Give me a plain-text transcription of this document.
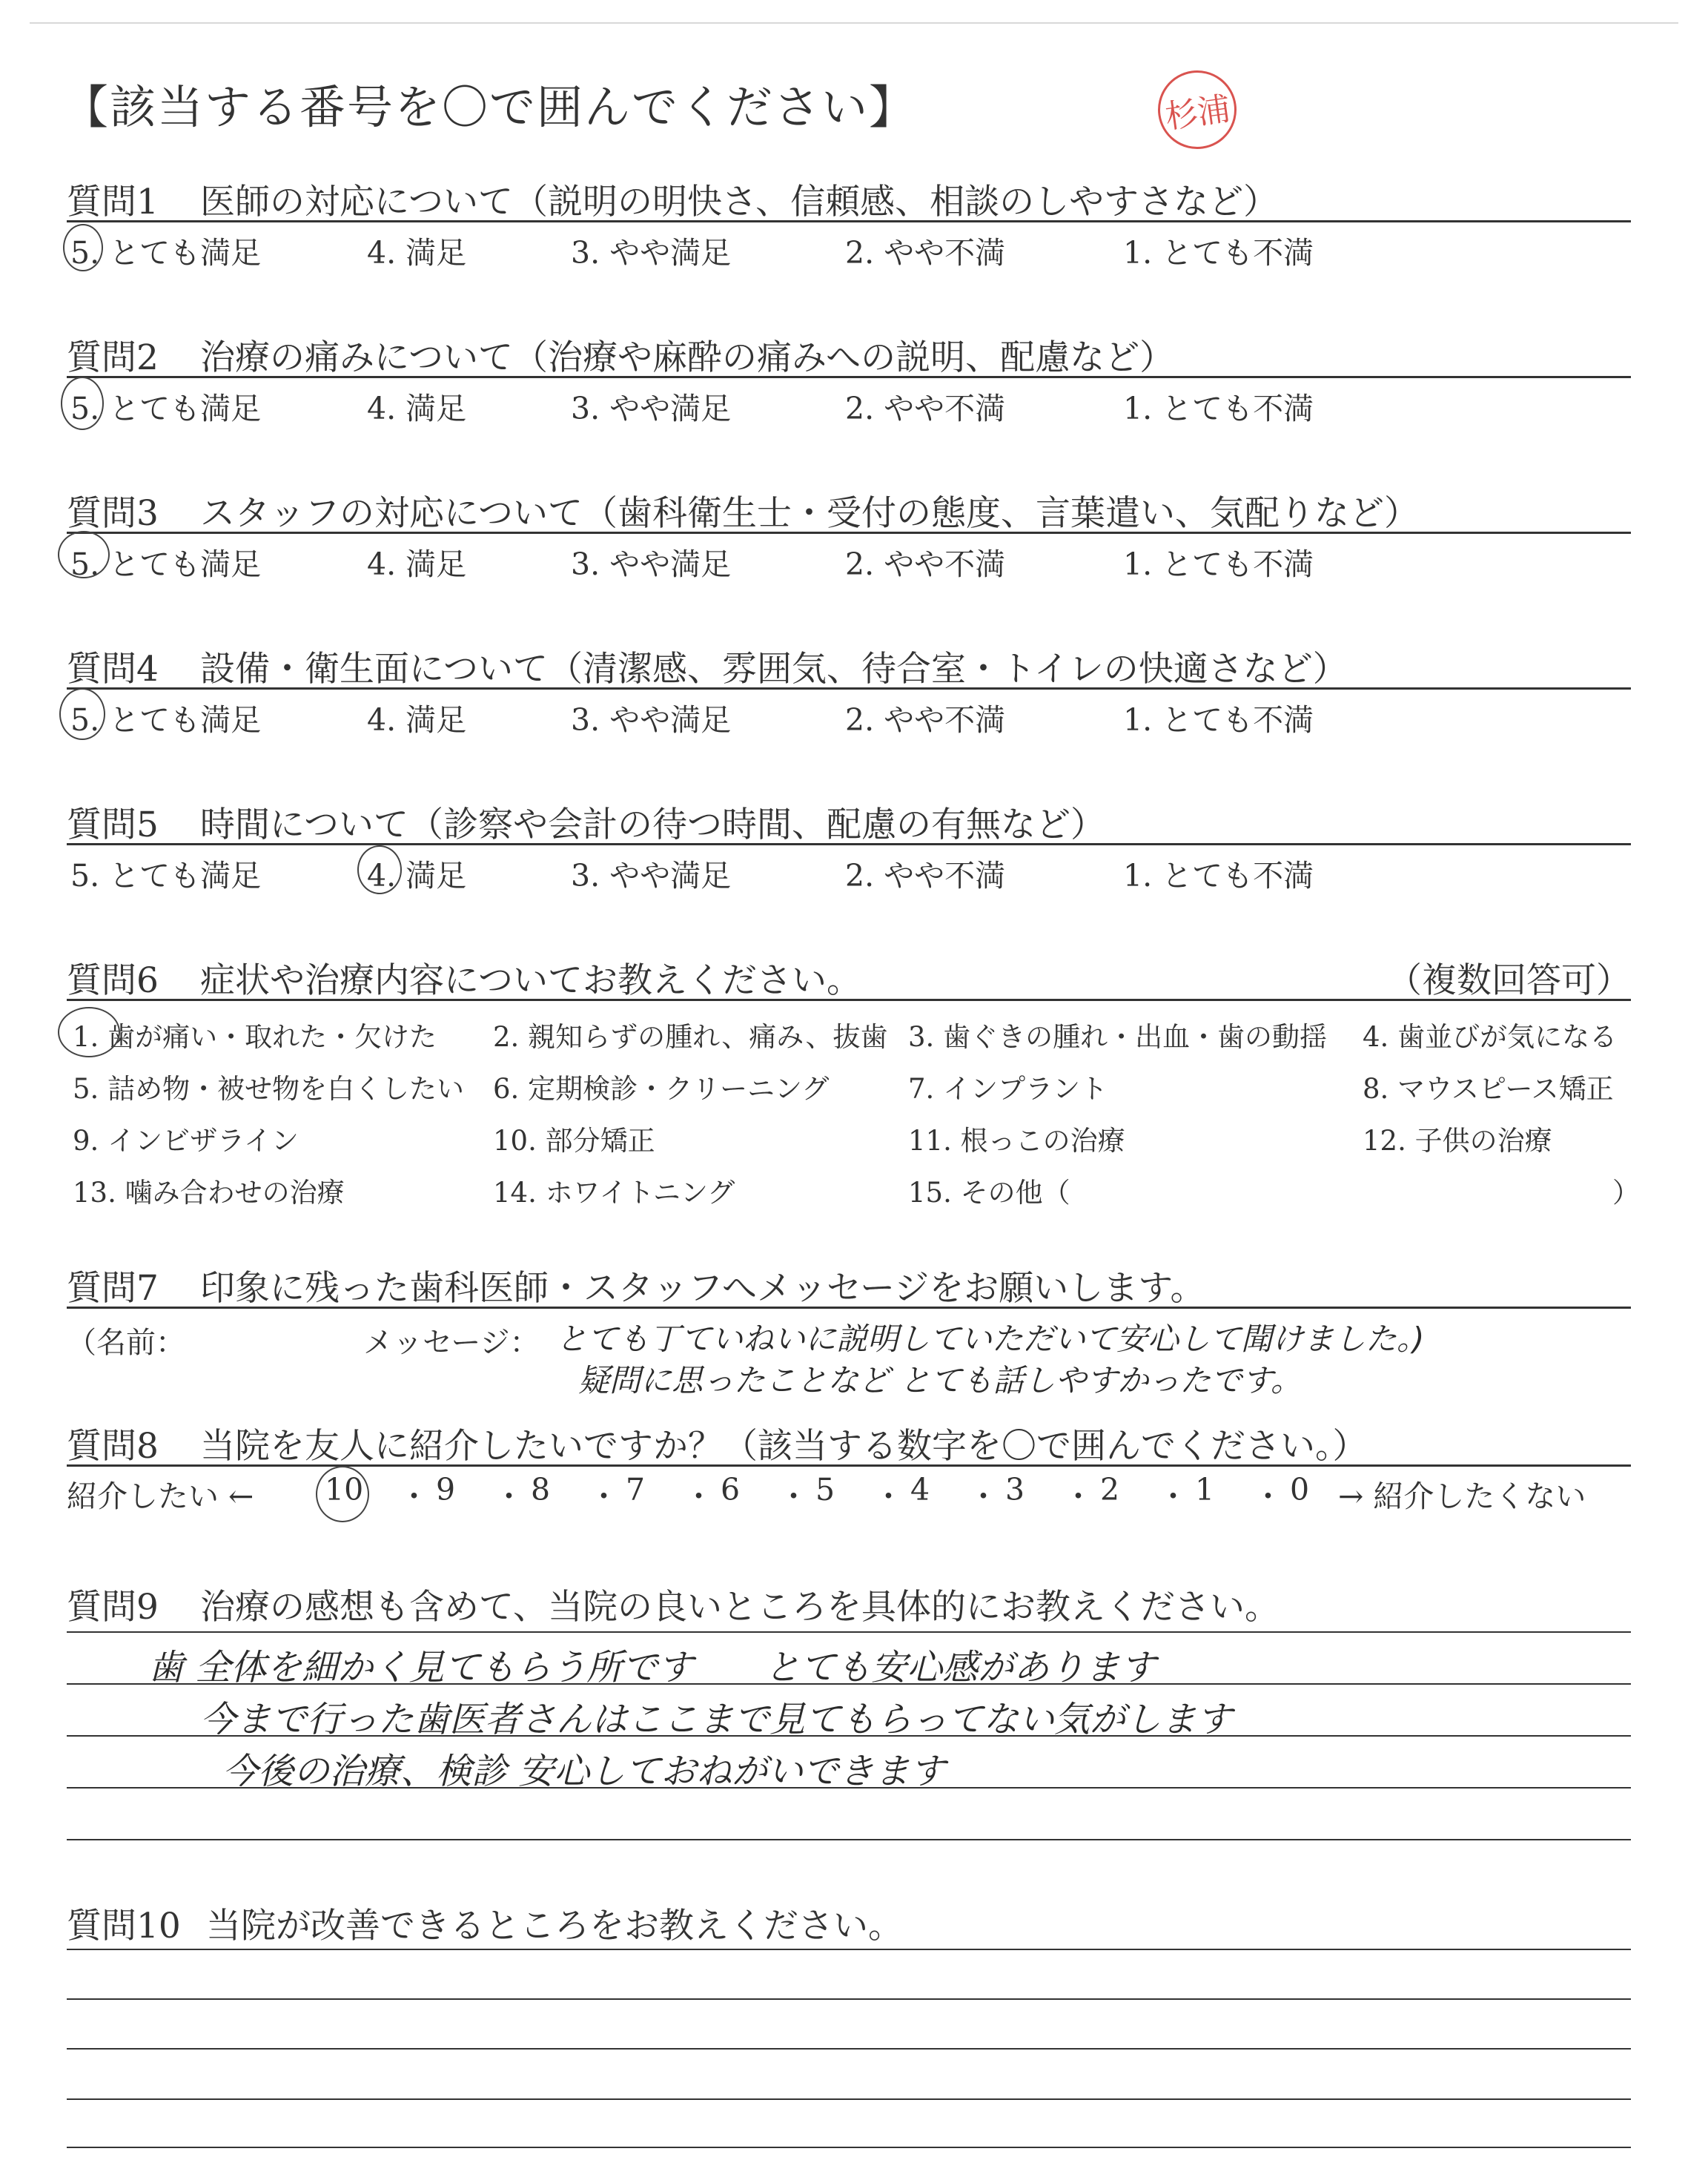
【該当する番号を〇で囲んでください】	杉浦
質問1 医師の対応について（説明の明快さ、信頼感、相談のしやすさなど）
5. とても満足	4. 満足	3. やや満足	2. やや不満	1. とても不満
質問2 治療の痛みについて（治療や麻酔の痛みへの説明、配慮など）
5. とても満足	4. 満足	3. やや満足	2. やや不満	1. とても不満
質問3 スタッフの対応について（歯科衛生士・受付の態度、言葉遣い、気配りなど）
5. とても満足	4. 満足	3. やや満足	2. やや不満	1. とても不満
質問4 設備・衛生面について（清潔感、雰囲気、待合室・トイレの快適さなど）
5. とても満足	4. 満足	3. やや満足	2. やや不満	1. とても不満
質問5 時間について（診察や会計の待つ時間、配慮の有無など）
5. とても満足	4. 満足	3. やや満足	2. やや不満	1. とても不満
質問6 症状や治療内容についてお教えください。	（複数回答可）
1. 歯が痛い・取れた・欠けた 2. 親知らずの腫れ、痛み、抜歯 3. 歯ぐきの腫れ・出血・歯の動揺 4. 歯並びが気になる
5. 詰め物・被せ物を白くしたい 6. 定期検診・クリーニング	7. インプラント	8. マウスピース矯正
9. インビザライン	10. 部分矯正	11. 根っこの治療	12. 子供の治療
13. 噛み合わせの治療	14. ホワイトニング	15. その他（	）
質問7 印象に残った歯科医師・スタッフへメッセージをお願いします。
（名前：	メッセージ： とても丁ていねいに説明していただいて安心して聞けました。)
疑問に思ったことなど とても話しやすかったです。
質問8 当院を友人に紹介したいですか？（該当する数字を〇で囲んでください。）
紹介したい ← 10 ・ 9 ・ 8 ・ 7 ・ 6 ・ 5 ・ 4 ・ 3 ・ 2 ・ 1 ・ 0 → 紹介したくない
質問9 治療の感想も含めて、当院の良いところを具体的にお教えください。
歯 全体を細かく見てもらう所です　　とても安心感があります
今まで行った歯医者さんはここまで見てもらってない気がします
今後の治療、検診 安心しておねがいできます
質問10 当院が改善できるところをお教えください。
